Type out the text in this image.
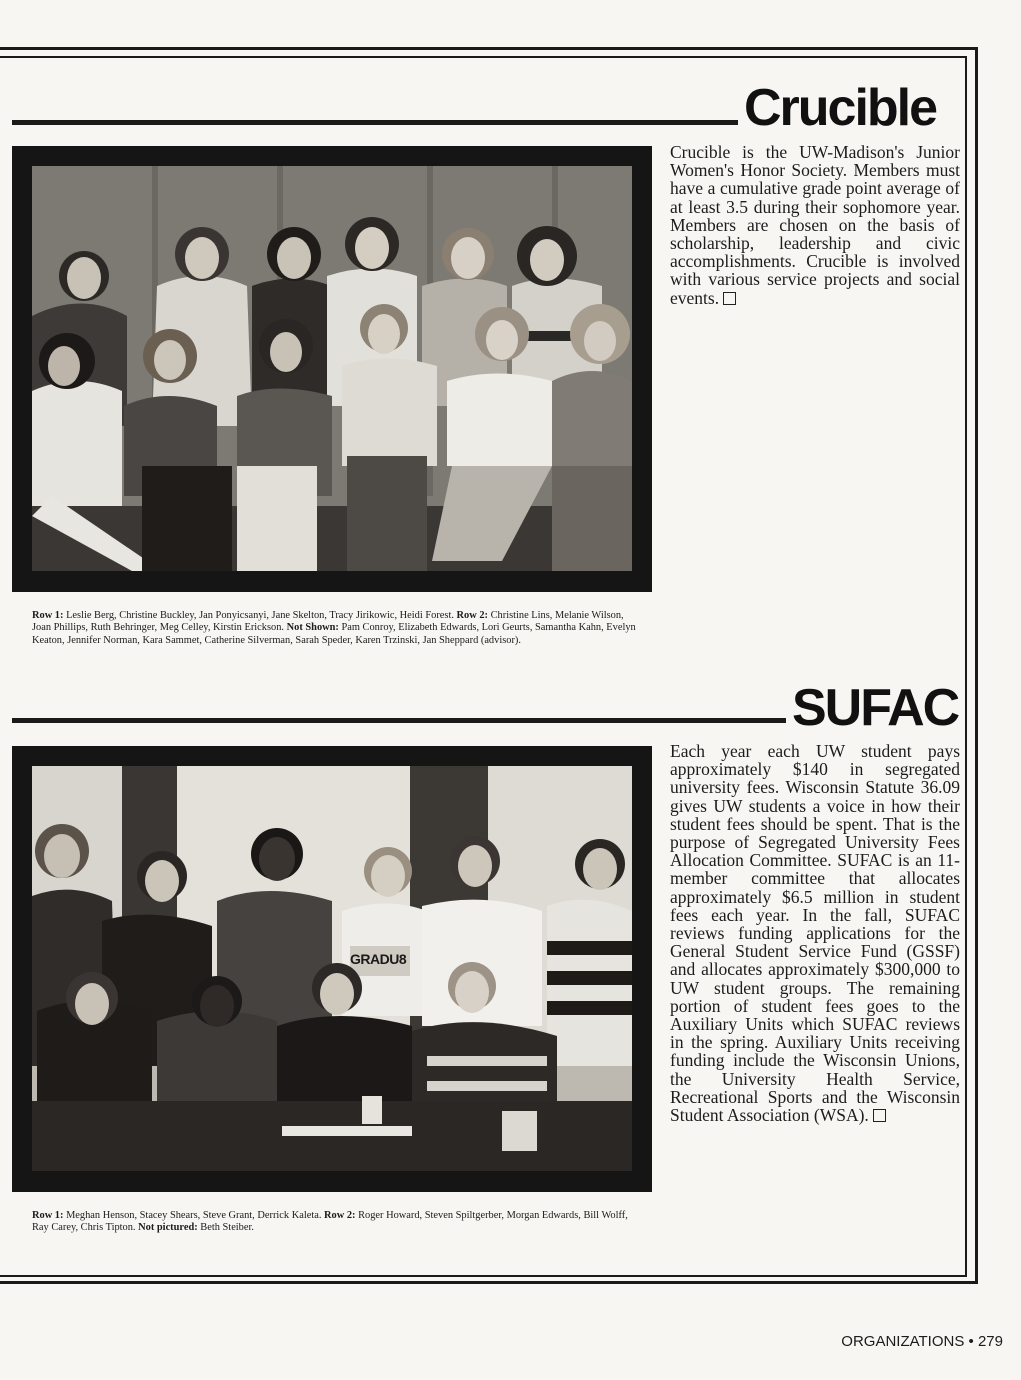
Crucible
Crucible is the UW-Madison's Junior Women's Honor Society. Members must have a cumulative grade point average of at least 3.5 during their sophomore year. Members are chosen on the basis of scholarship, leadership and civic accomplishments. Crucible is involved with various service projects and social events.
Row 1: Leslie Berg, Christine Buckley, Jan Ponyicsanyi, Jane Skelton, Tracy Jirikowic, Heidi Forest. Row 2: Christine Lins, Melanie Wilson, Joan Phillips, Ruth Behringer, Meg Celley, Kirstin Erickson. Not Shown: Pam Conroy, Elizabeth Edwards, Lori Geurts, Samantha Kahn, Evelyn Keaton, Jennifer Norman, Kara Sammet, Catherine Silverman, Sarah Speder, Karen Trzinski, Jan Sheppard (advisor).
SUFAC
GRADU8
Each year each UW student pays approximately $140 in segregated university fees. Wisconsin Statute 36.09 gives UW students a voice in how their student fees should be spent. That is the purpose of Segregated University Fees Allocation Committee. SUFAC is an 11-member committee that allocates approximately $6.5 million in student fees each year. In the fall, SUFAC reviews funding applications for the General Student Service Fund (GSSF) and allocates approximately $300,000 to UW student groups. The remaining portion of student fees goes to the Auxiliary Units which SUFAC reviews in the spring. Auxiliary Units receiving funding include the Wisconsin Unions, the University Health Service, Recreational Sports and the Wisconsin Student Association (WSA).
Row 1: Meghan Henson, Stacey Shears, Steve Grant, Derrick Kaleta. Row 2: Roger Howard, Steven Spiltgerber, Morgan Edwards, Bill Wolff, Ray Carey, Chris Tipton. Not pictured: Beth Steiber.
ORGANIZATIONS • 279
